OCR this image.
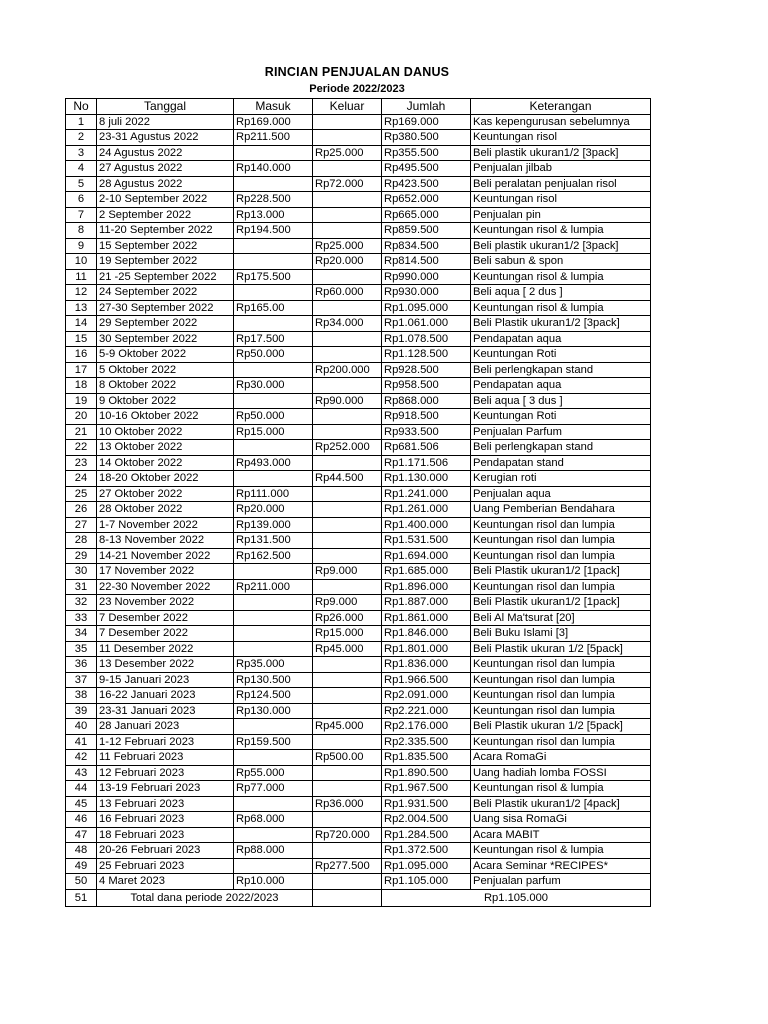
RINCIAN PENJUALAN DANUS
Periode 2022/2023
No	Tanggal	Masuk	Keluar	Jumlah	Keterangan
1	8 juli 2022	Rp169.000		Rp169.000	Kas kepengurusan sebelumnya
2	23-31 Agustus 2022	Rp211.500		Rp380.500	Keuntungan risol
3	24 Agustus 2022		Rp25.000	Rp355.500	Beli plastik ukuran1/2 [3pack]
4	27 Agustus 2022	Rp140.000		Rp495.500	Penjualan jilbab
5	28 Agustus 2022		Rp72.000	Rp423.500	Beli peralatan penjualan risol
6	2-10 September 2022	Rp228.500		Rp652.000	Keuntungan risol
7	2 September 2022	Rp13.000		Rp665.000	Penjualan pin
8	11-20 September 2022	Rp194.500		Rp859.500	Keuntungan risol & lumpia
9	15 September 2022		Rp25.000	Rp834.500	Beli plastik ukuran1/2 [3pack]
10	19 September 2022		Rp20.000	Rp814.500	Beli sabun & spon
11	21 -25 September 2022	Rp175.500		Rp990.000	Keuntungan risol & lumpia
12	24 September 2022		Rp60.000	Rp930.000	Beli aqua [ 2 dus ]
13	27-30 September 2022	Rp165.00		Rp1.095.000	Keuntungan risol & lumpia
14	29 September 2022		Rp34.000	Rp1.061.000	Beli Plastik ukuran1/2 [3pack]
15	30 September 2022	Rp17.500		Rp1.078.500	Pendapatan aqua
16	5-9 Oktober 2022	Rp50.000		Rp1.128.500	Keuntungan Roti
17	5 Oktober 2022		Rp200.000	Rp928.500	Beli perlengkapan stand
18	8 Oktober 2022	Rp30.000		Rp958.500	Pendapatan aqua
19	9 Oktober 2022		Rp90.000	Rp868.000	Beli aqua [ 3 dus ]
20	10-16 Oktober 2022	Rp50.000		Rp918.500	Keuntungan Roti
21	10 Oktober 2022	Rp15.000		Rp933.500	Penjualan Parfum
22	13 Oktober 2022		Rp252.000	Rp681.506	Beli perlengkapan stand
23	14 Oktober 2022	Rp493.000		Rp1.171.506	Pendapatan stand
24	18-20 Oktober 2022		Rp44.500	Rp1.130.000	Kerugian roti
25	27 Oktober 2022	Rp111.000		Rp1.241.000	Penjualan aqua
26	28 Oktober 2022	Rp20.000		Rp1.261.000	Uang Pemberian Bendahara
27	1-7 November 2022	Rp139.000		Rp1.400.000	Keuntungan risol dan lumpia
28	8-13 November 2022	Rp131.500		Rp1.531.500	Keuntungan risol dan lumpia
29	14-21 November 2022	Rp162.500		Rp1.694.000	Keuntungan risol dan lumpia
30	17 November 2022		Rp9.000	Rp1.685.000	Beli Plastik ukuran1/2 [1pack]
31	22-30 November 2022	Rp211.000		Rp1.896.000	Keuntungan risol dan lumpia
32	23 November 2022		Rp9.000	Rp1.887.000	Beli Plastik ukuran1/2 [1pack]
33	7 Desember 2022		Rp26.000	Rp1.861.000	Beli Al Ma'tsurat [20]
34	7 Desember 2022		Rp15.000	Rp1.846.000	Beli Buku Islami [3]
35	11 Desember 2022		Rp45.000	Rp1.801.000	Beli Plastik ukuran 1/2 [5pack]
36	13 Desember 2022	Rp35.000		Rp1.836.000	Keuntungan risol dan lumpia
37	9-15 Januari 2023	Rp130.500		Rp1.966.500	Keuntungan risol dan lumpia
38	16-22 Januari 2023	Rp124.500		Rp2.091.000	Keuntungan risol dan lumpia
39	23-31 Januari 2023	Rp130.000		Rp2.221.000	Keuntungan risol dan lumpia
40	28 Januari 2023		Rp45.000	Rp2.176.000	Beli Plastik ukuran 1/2 [5pack]
41	1-12 Februari 2023	Rp159.500		Rp2.335.500	Keuntungan risol dan lumpia
42	11 Februari 2023		Rp500.00	Rp1.835.500	Acara RomaGi
43	12 Februari 2023	Rp55.000		Rp1.890.500	Uang hadiah lomba FOSSI
44	13-19 Februari 2023	Rp77.000		Rp1.967.500	Keuntungan risol & lumpia
45	13 Februari 2023		Rp36.000	Rp1.931.500	Beli Plastik ukuran1/2 [4pack]
46	16 Februari 2023	Rp68.000		Rp2.004.500	Uang sisa RomaGi
47	18 Februari 2023		Rp720.000	Rp1.284.500	Acara MABIT
48	20-26 Februari 2023	Rp88.000		Rp1.372.500	Keuntungan risol & lumpia
49	25 Februari 2023		Rp277.500	Rp1.095.000	Acara Seminar *RECIPES*
50	4 Maret 2023	Rp10.000		Rp1.105.000	Penjualan parfum
51	Total dana periode 2022/2023			Rp1.105.000	
